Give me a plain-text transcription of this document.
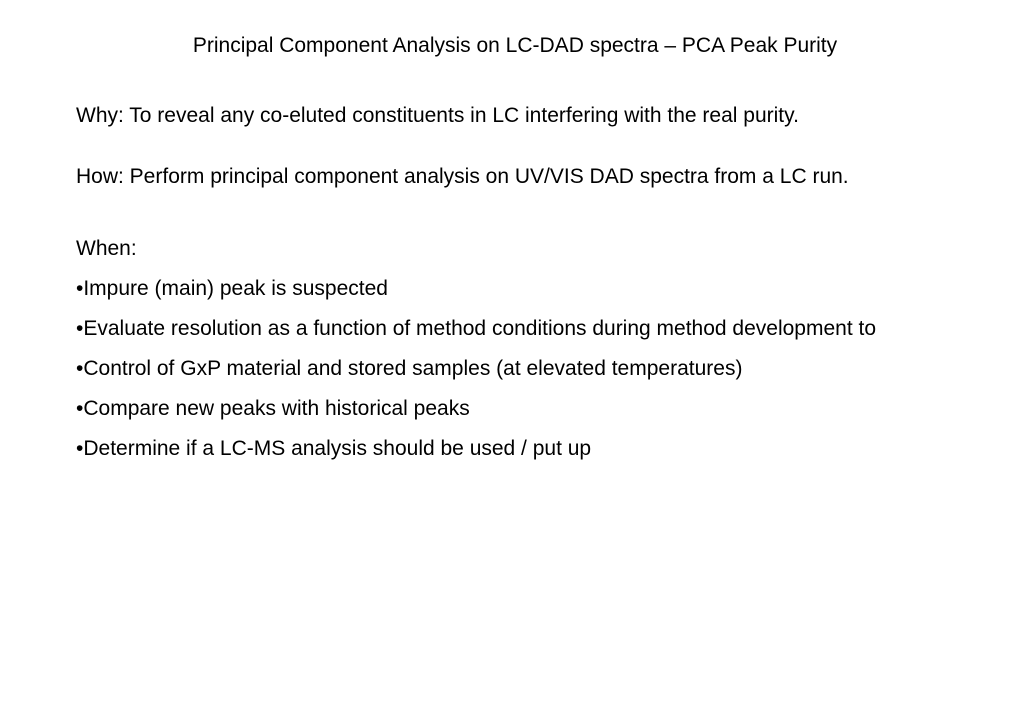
Principal Component Analysis on LC-DAD spectra – PCA Peak Purity

Why: To reveal any co-eluted constituents in LC interfering with the real purity.

How: Perform principal component analysis on UV/VIS DAD spectra from a LC run.

When:

•Impure (main) peak is suspected
•Evaluate resolution as a function of method conditions during method development to
•Control of GxP material and stored samples (at elevated temperatures)
•Compare new peaks with historical peaks
•Determine if a LC-MS analysis should be used / put up
